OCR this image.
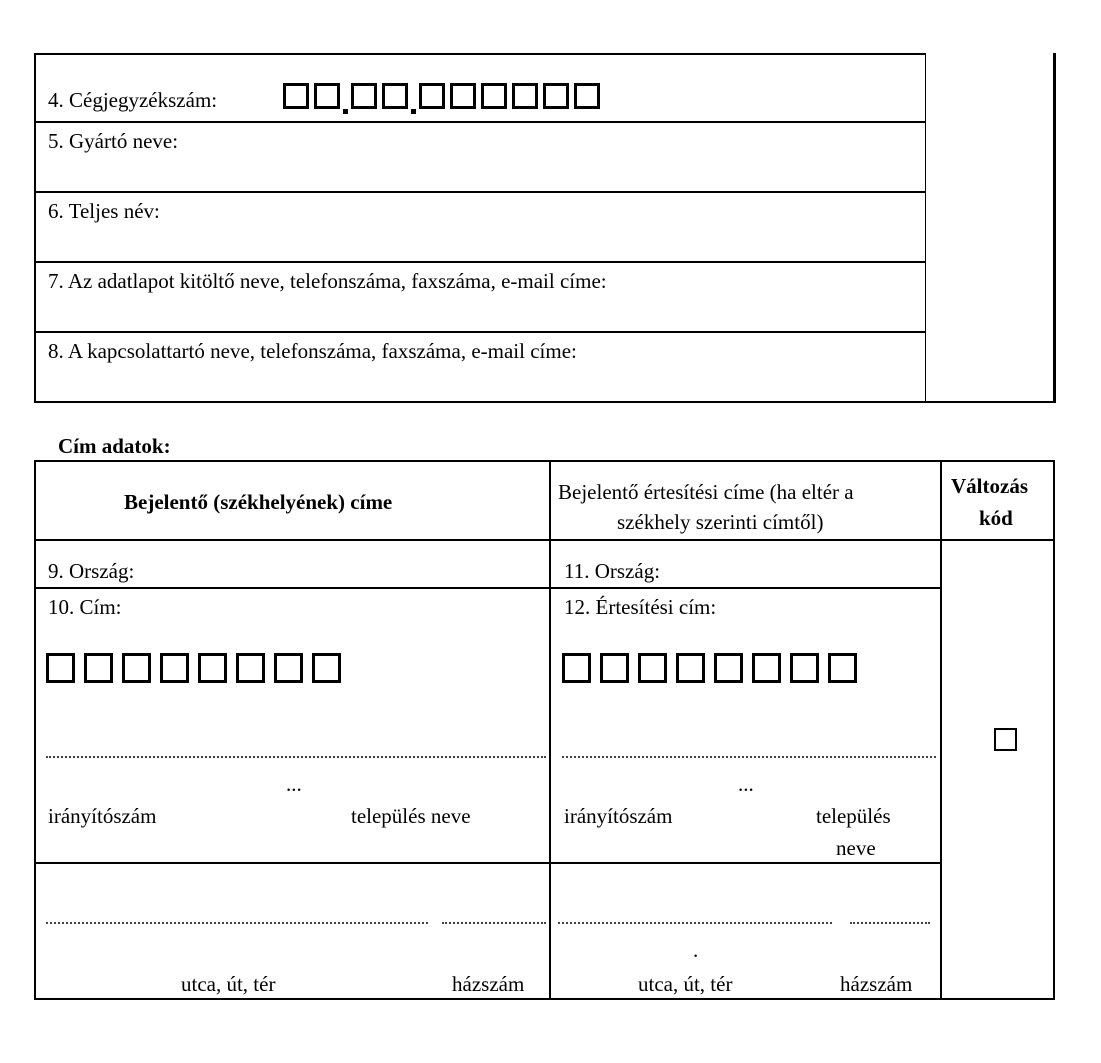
4. Cégjegyzékszám:
5. Gyártó neve:
6. Teljes név:
7. Az adatlapot kitöltő neve, telefonszáma, faxszáma, e-mail címe:
8. A kapcsolattartó neve, telefonszáma, faxszáma, e-mail címe:
Cím adatok:
Bejelentő (székhelyének) címe	Bejelentő értesítési címe (ha eltér a
székhely szerinti címtől)
Változás
kód
9. Ország:	11. Ország:
10. Cím:	12. Értesítési cím:
...	...
irányítószám	település neve	irányítószám	település
neve
.
utca, út, tér	házszám	utca, út, tér	házszám
